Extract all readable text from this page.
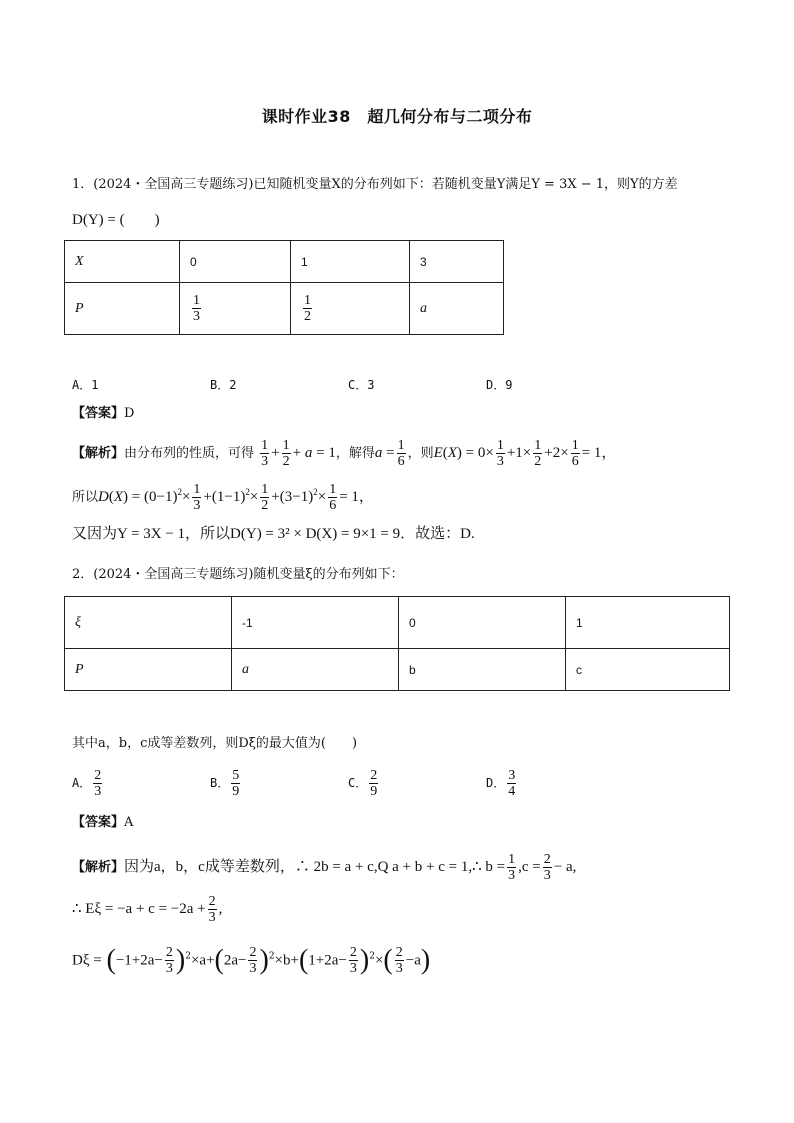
课时作业38　超几何分布与二项分布
1．(2024・全国高三专题练习)已知随机变量X的分布列如下：若随机变量Y满足Y = 3X − 1，则Y的方差
D(Y) = (　　)
X	0	1	3
P	$\frac{1}{3}$	$\frac{1}{2}$	a
A．1	B．2	C．3	D．9
【答案】D
【解析】由分布列的性质，可得 $\frac{1}{3} + \frac{1}{2} + a = 1$，解得$a = \frac{1}{6}$ ，则$E(X) = 0\times \frac{1}{3} +1\times \frac{1}{2} +2\times \frac{1}{6} = 1$，
所以$D(X) = (0-1)^2\times \frac{1}{3} +(1-1)^2\times \frac{1}{2} +(3-1)^2\times \frac{1}{6} = 1$，
又因为Y = 3X − 1，所以D(Y) = 3² × D(X) = 9×1 = 9．故选：D.
2．(2024・全国高三专题练习)随机变量ξ的分布列如下：
ξ	-1	0	1
P	a	b	c
其中a，b，c成等差数列，则Dξ的最大值为(　　)
A． $\frac{2}{3}$	B． $\frac{5}{9}$	C． $\frac{2}{9}$	D． $\frac{3}{4}$
【答案】A
【解析】因为a，b，c成等差数列，∴ 2b = a + c,Q a + b + c = 1,∴ $b = \frac{1}{3} ,c = \frac{2}{3} - a$,
∴ $E\xi = -a + c = -2a + \frac{2}{3}$ ,
$D\xi = (-1+2a- \frac{2}{3} )^2\times a+(2a- \frac{2}{3} )^2\times b+(1+2a- \frac{2}{3} )^2\times( \frac{2}{3} -a)$
